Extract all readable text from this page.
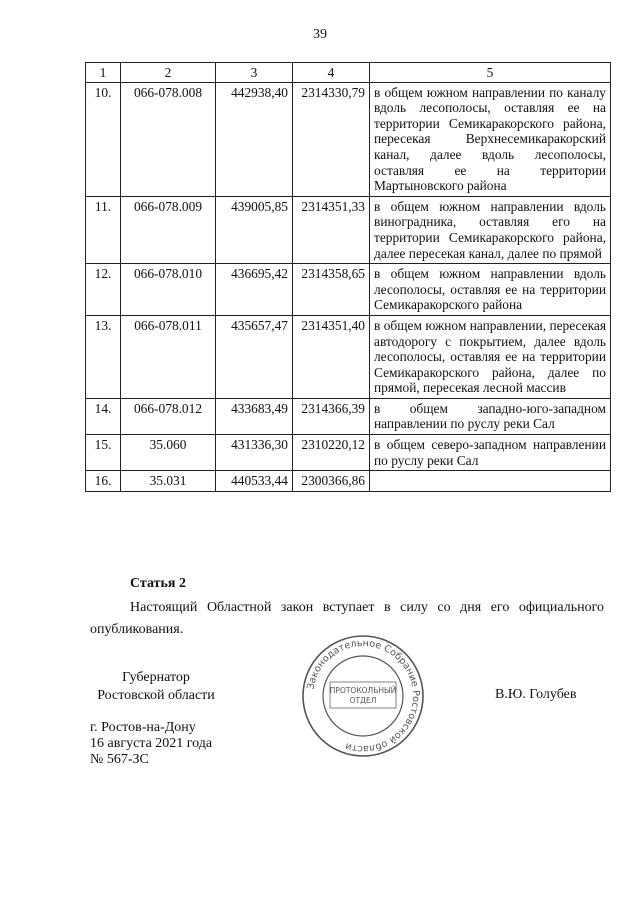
39
1	2	3	4	5
10.	066-078.008	442938,40	2314330,79	в общем южном направлении по каналу вдоль лесополосы, оставляя ее на территории Семикаракорского района, пересекая Верхнесемикаракорский канал, далее вдоль лесополосы, оставляя ее на территории Мартыновского района
11.	066-078.009	439005,85	2314351,33	в общем южном направлении вдоль виноградника, оставляя его на территории Семикаракорского района, далее пересекая канал, далее по прямой
12.	066-078.010	436695,42	2314358,65	в общем южном направлении вдоль лесополосы, оставляя ее на территории Семикаракорского района
13.	066-078.011	435657,47	2314351,40	в общем южном направлении, пересекая автодорогу с покрытием, далее вдоль лесополосы, оставляя ее на территории Семикаракорского района, далее по прямой, пересекая лесной массив
14.	066-078.012	433683,49	2314366,39	в общем западно-юго-западном направлении по руслу реки Сал
15.	35.060	431336,30	2310220,12	в общем северо-западном направлении по руслу реки Сал
16.	35.031	440533,44	2300366,86	
Статья 2

Настоящий Областной закон вступает в силу со дня его официального опубликования.

Губернатор
Ростовской области
Законодательное Собрание Ростовской области
ПРОТОКОЛЬНЫЙ
ОТДЕЛ	В.Ю. Голубев
г. Ростов-на-Дону
16 августа 2021 года
№ 567-ЗС
